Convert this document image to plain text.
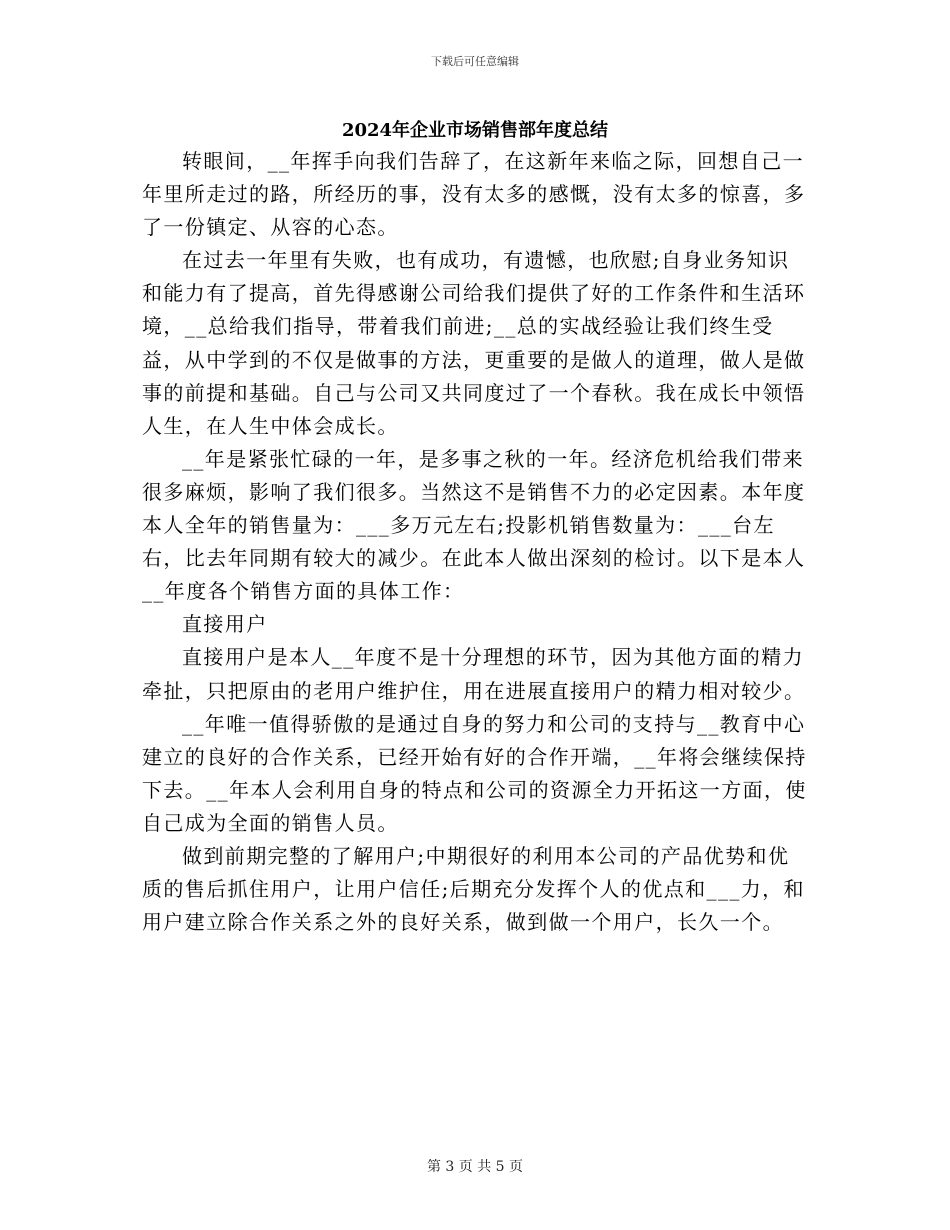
下载后可任意编辑
2024年企业市场销售部年度总结

转眼间，__年挥手向我们告辞了，在这新年来临之际，回想自己一年里所走过的路，所经历的事，没有太多的感慨，没有太多的惊喜，多了一份镇定、从容的心态。

在过去一年里有失败，也有成功，有遗憾，也欣慰;自身业务知识和能力有了提高，首先得感谢公司给我们提供了好的工作条件和生活环境，__总给我们指导，带着我们前进;__总的实战经验让我们终生受益，从中学到的不仅是做事的方法，更重要的是做人的道理，做人是做事的前提和基础。自己与公司又共同度过了一个春秋。我在成长中领悟人生，在人生中体会成长。

__年是紧张忙碌的一年，是多事之秋的一年。经济危机给我们带来很多麻烦，影响了我们很多。当然这不是销售不力的必定因素。本年度本人全年的销售量为：___多万元左右;投影机销售数量为：___台左右，比去年同期有较大的减少。在此本人做出深刻的检讨。以下是本人__年度各个销售方面的具体工作：

直接用户

直接用户是本人__年度不是十分理想的环节，因为其他方面的精力牵扯，只把原由的老用户维护住，用在进展直接用户的精力相对较少。

__年唯一值得骄傲的是通过自身的努力和公司的支持与__教育中心建立的良好的合作关系，已经开始有好的合作开端，__年将会继续保持下去。__年本人会利用自身的特点和公司的资源全力开拓这一方面，使自己成为全面的销售人员。

做到前期完整的了解用户;中期很好的利用本公司的产品优势和优质的售后抓住用户，让用户信任;后期充分发挥个人的优点和___力，和用户建立除合作关系之外的良好关系，做到做一个用户，长久一个。

第 3 页 共 5 页
